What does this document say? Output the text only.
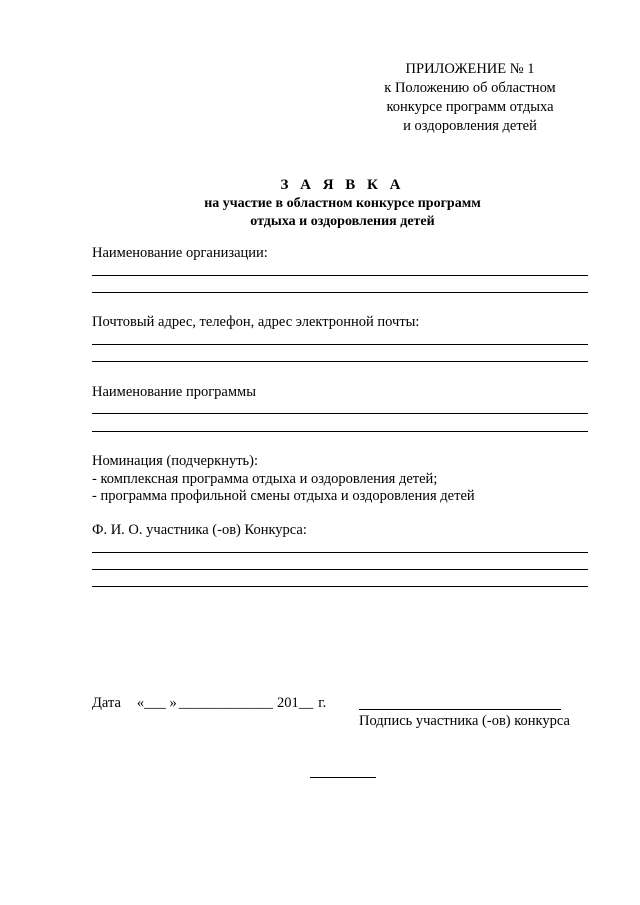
ПРИЛОЖЕНИЕ № 1
к Положению об областном
конкурсе программ отдыха
и оздоровления детей
З А Я В К А
на участие в областном конкурсе программ
отдыха и оздоровления детей
Наименование организации:
Почтовый адрес, телефон, адрес электронной почты:
Наименование программы
Номинация (подчеркнуть):
- комплексная программа отдыха и оздоровления детей;
- программа профильной смены отдыха и оздоровления детей
Ф. И. О. участника (-ов) Конкурса:
Дата «___ » _____________ 201__ г.
Подпись участника (-ов) конкурса
